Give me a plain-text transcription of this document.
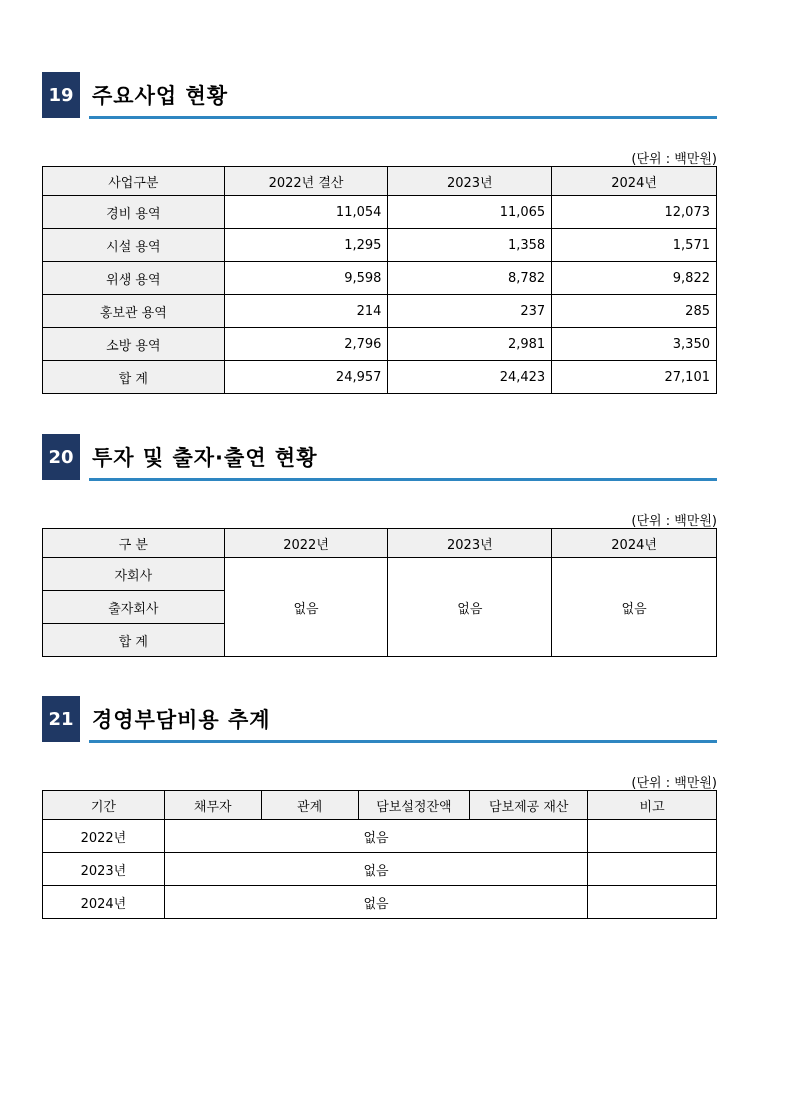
19 주요사업 현황
(단위 : 백만원)
사업구분	2022년 결산	2023년	2024년
경비 용역	11,054	11,065	12,073
시설 용역	1,295	1,358	1,571
위생 용역	9,598	8,782	9,822
홍보관 용역	214	237	285
소방 용역	2,796	2,981	3,350
합 계	24,957	24,423	27,101
20 투자 및 출자·출연 현황
(단위 : 백만원)
구 분	2022년	2023년	2024년
자회사	없음	없음	없음
출자회사			
합 계			
21 경영부담비용 추계
(단위 : 백만원)
기간	채무자	관계	담보설정잔액	담보제공 재산	비고
2022년	없음				
2023년	없음				
2024년	없음				
